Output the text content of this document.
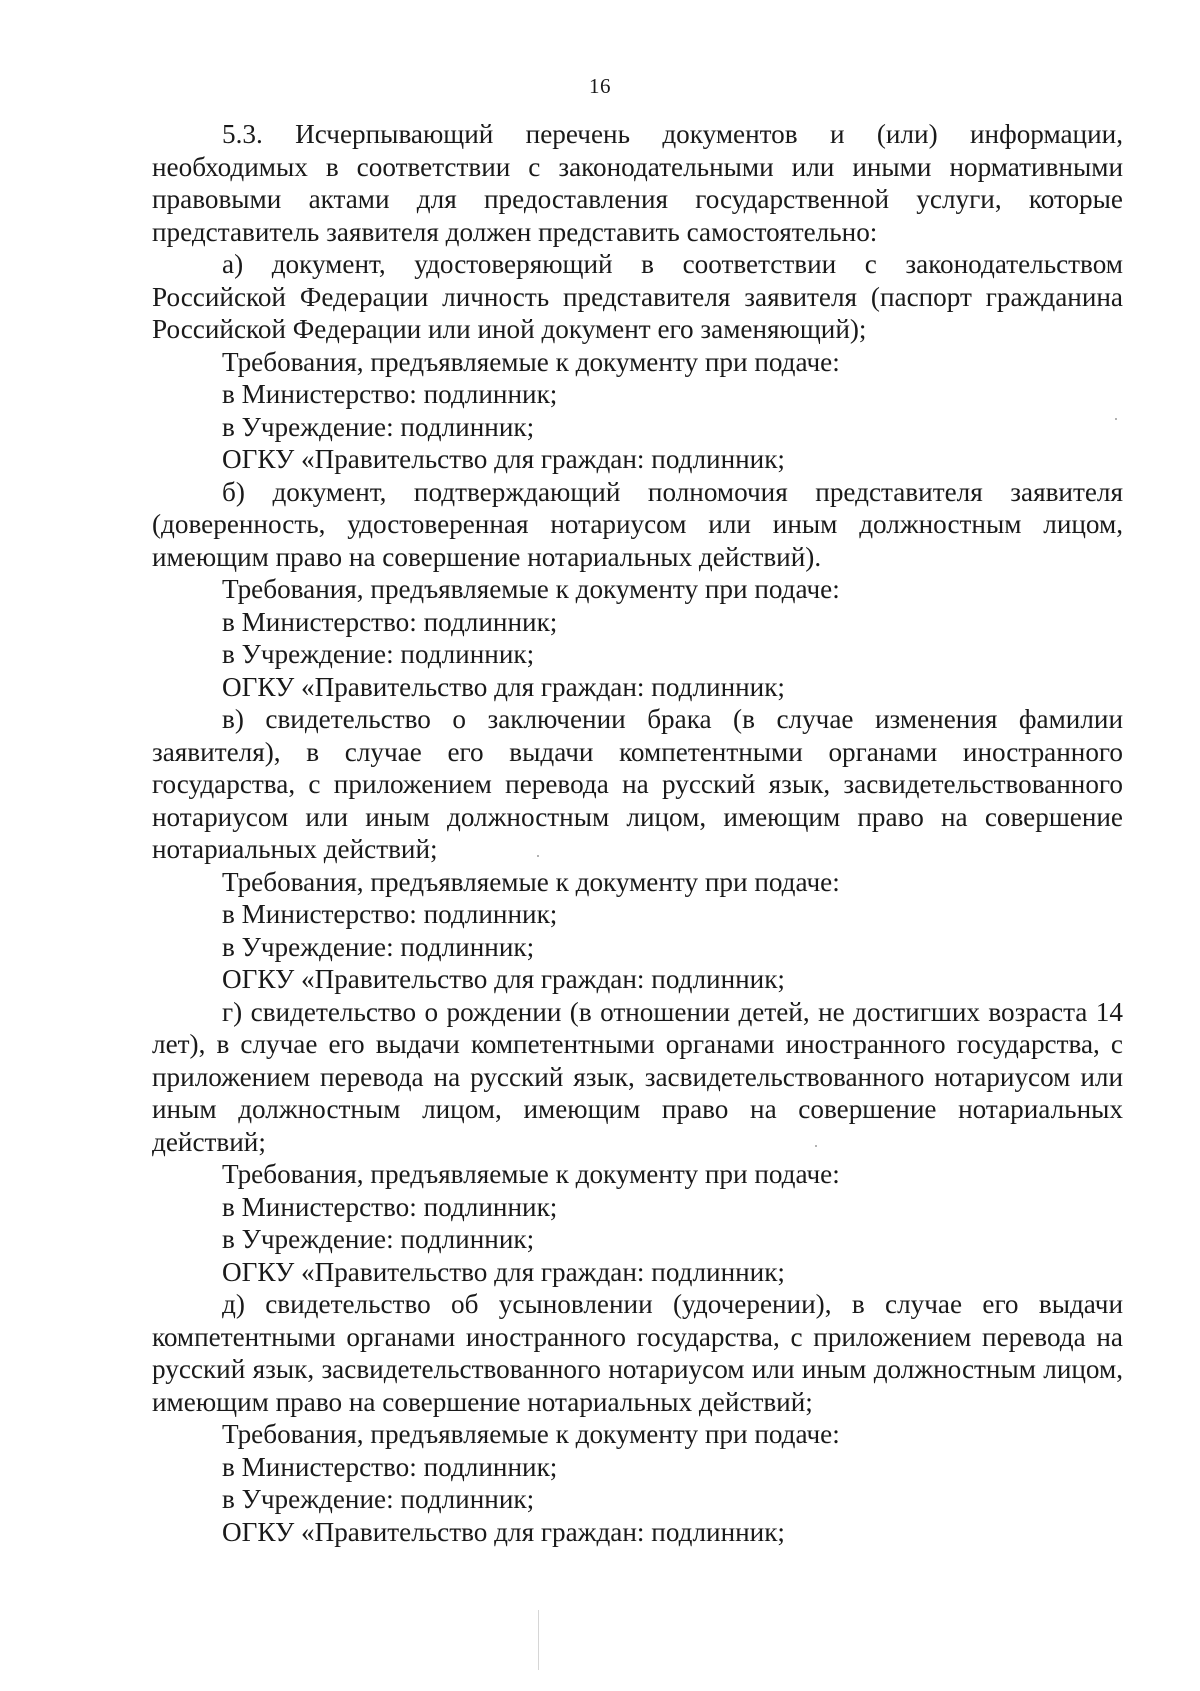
16

5.3. Исчерпывающий перечень документов и (или) информации, необходимых в соответствии с законодательными или иными нормативными правовыми актами для предоставления государственной услуги, которые представитель заявителя должен представить самостоятельно:

а) документ, удостоверяющий в соответствии с законодательством Российской Федерации личность представителя заявителя (паспорт гражданина Российской Федерации или иной документ его заменяющий);

Требования, предъявляемые к документу при подаче:

в Министерство: подлинник;

в Учреждение: подлинник;

ОГКУ «Правительство для граждан: подлинник;

б) документ, подтверждающий полномочия представителя заявителя (доверенность, удостоверенная нотариусом или иным должностным лицом, имеющим право на совершение нотариальных действий).

Требования, предъявляемые к документу при подаче:

в Министерство: подлинник;

в Учреждение: подлинник;

ОГКУ «Правительство для граждан: подлинник;

в) свидетельство о заключении брака (в случае изменения фамилии заявителя), в случае его выдачи компетентными органами иностранного государства, с приложением перевода на русский язык, засвидетельствованного нотариусом или иным должностным лицом, имеющим право на совершение нотариальных действий;

Требования, предъявляемые к документу при подаче:

в Министерство: подлинник;

в Учреждение: подлинник;

ОГКУ «Правительство для граждан: подлинник;

г) свидетельство о рождении (в отношении детей, не достигших возраста 14 лет), в случае его выдачи компетентными органами иностранного государства, с приложением перевода на русский язык, засвидетельствованного нотариусом или иным должностным лицом, имеющим право на совершение нотариальных действий;

Требования, предъявляемые к документу при подаче:

в Министерство: подлинник;

в Учреждение: подлинник;

ОГКУ «Правительство для граждан: подлинник;

д) свидетельство об усыновлении (удочерении), в случае его выдачи компетентными органами иностранного государства, с приложением перевода на русский язык, засвидетельствованного нотариусом или иным должностным лицом, имеющим право на совершение нотариальных действий;

Требования, предъявляемые к документу при подаче:

в Министерство: подлинник;

в Учреждение: подлинник;

ОГКУ «Правительство для граждан: подлинник;
